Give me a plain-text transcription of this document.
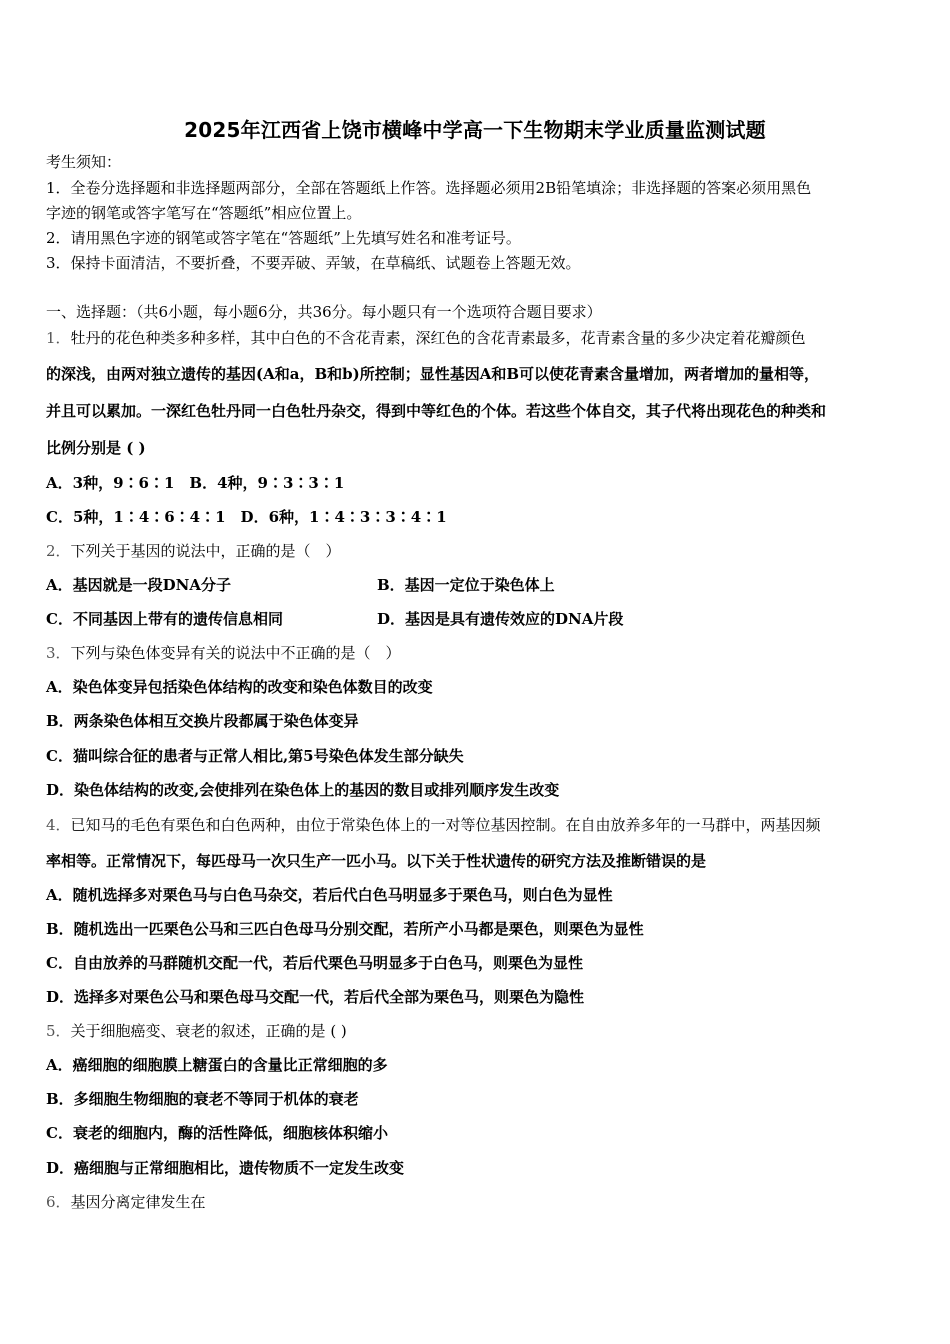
2025年江西省上饶市横峰中学高一下生物期末学业质量监测试题
考生须知：
1．全卷分选择题和非选择题两部分，全部在答题纸上作答。选择题必须用2B铅笔填涂；非选择题的答案必须用黑色
字迹的钢笔或答字笔写在“答题纸”相应位置上。
2．请用黑色字迹的钢笔或答字笔在“答题纸”上先填写姓名和准考证号。
3．保持卡面清洁，不要折叠，不要弄破、弄皱，在草稿纸、试题卷上答题无效。
一、选择题：（共6小题，每小题6分，共36分。每小题只有一个选项符合题目要求）
1．牡丹的花色种类多种多样，其中白色的不含花青素，深红色的含花青素最多，花青素含量的多少决定着花瓣颜色
的深浅，由两对独立遗传的基因(A和a，B和b)所控制；显性基因A和B可以使花青素含量增加，两者增加的量相等，
并且可以累加。一深红色牡丹同一白色牡丹杂交，得到中等红色的个体。若这些个体自交，其子代将出现花色的种类和
比例分别是 ( )
A．3种，9∶6∶1　B．4种，9∶3∶3∶1
C．5种，1∶4∶6∶4∶1　D．6种，1∶4∶3∶3∶4∶1
2．下列关于基因的说法中，正确的是（　）
A．基因就是一段DNA分子	B．基因一定位于染色体上
C．不同基因上带有的遗传信息相同	D．基因是具有遗传效应的DNA片段
3．下列与染色体变异有关的说法中不正确的是（　）
A．染色体变异包括染色体结构的改变和染色体数目的改变
B．两条染色体相互交换片段都属于染色体变异
C．猫叫综合征的患者与正常人相比,第5号染色体发生部分缺失
D．染色体结构的改变,会使排列在染色体上的基因的数目或排列顺序发生改变
4．已知马的毛色有栗色和白色两种，由位于常染色体上的一对等位基因控制。在自由放养多年的一马群中，两基因频
率相等。正常情况下，每匹母马一次只生产一匹小马。以下关于性状遗传的研究方法及推断错误的是
A．随机选择多对栗色马与白色马杂交，若后代白色马明显多于栗色马，则白色为显性
B．随机选出一匹栗色公马和三匹白色母马分别交配，若所产小马都是栗色，则栗色为显性
C．自由放养的马群随机交配一代，若后代栗色马明显多于白色马，则栗色为显性
D．选择多对栗色公马和栗色母马交配一代，若后代全部为栗色马，则栗色为隐性
5．关于细胞癌变、衰老的叙述，正确的是 ( )
A．癌细胞的细胞膜上糖蛋白的含量比正常细胞的多
B．多细胞生物细胞的衰老不等同于机体的衰老
C．衰老的细胞内，酶的活性降低，细胞核体积缩小
D．癌细胞与正常细胞相比，遗传物质不一定发生改变
6．基因分离定律发生在
